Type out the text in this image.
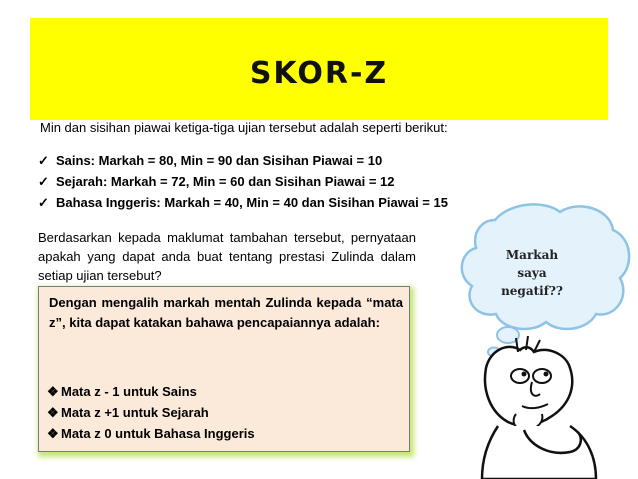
SKOR-Z
Min dan sisihan piawai ketiga-tiga ujian tersebut adalah seperti berikut:
✓ Sains: Markah = 80, Min = 90 dan Sisihan Piawai = 10
✓ Sejarah: Markah = 72, Min = 60 dan Sisihan Piawai = 12
✓ Bahasa Inggeris: Markah = 40, Min = 40 dan Sisihan Piawai = 15
Berdasarkan kepada maklumat tambahan tersebut, pernyataan apakah yang dapat anda buat tentang prestasi Zulinda dalam setiap ujian tersebut?
Dengan mengalih markah mentah Zulinda kepada “mata z”, kita dapat katakan bahawa pencapaiannya adalah:
❖ Mata z - 1 untuk Sains
❖ Mata z +1 untuk Sejarah
❖ Mata z 0 untuk Bahasa Inggeris
Markah
saya
negatif??
